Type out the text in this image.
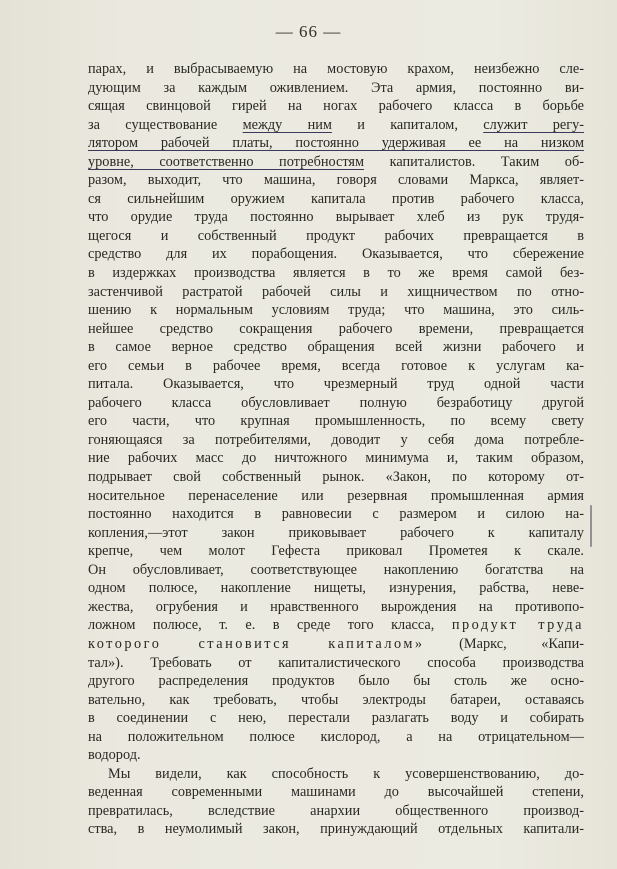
— 66 —
парах, и выбрасываемую на мостовую крахом, неизбежно сле-
дующим за каждым оживлением. Эта армия, постоянно ви-
сящая свинцовой гирей на ногах рабочего класса в борьбе
за существование между ним и капиталом, служит регу-
лятором рабочей платы, постоянно удерживая ее на низком
уровне, соответственно потребностям капиталистов. Таким об-
разом, выходит, что машина, говоря словами Маркса, являет-
ся сильнейшим оружием капитала против рабочего класса,
что орудие труда постоянно вырывает хлеб из рук трудя-
щегося и собственный продукт рабочих превращается в
средство для их порабощения. Оказывается, что сбережение
в издержках производства является в то же время самой без-
застенчивой растратой рабочей силы и хищничеством по отно-
шению к нормальным условиям труда; что машина, это силь-
нейшее средство сокращения рабочего времени, превращается
в самое верное средство обращения всей жизни рабочего и
его семьи в рабочее время, всегда готовое к услугам ка-
питала. Оказывается, что чрезмерный труд одной части
рабочего класса обусловливает полную безработицу другой
его части, что крупная промышленность, по всему свету
гоняющаяся за потребителями, доводит у себя дома потребле-
ние рабочих масс до ничтожного минимума и, таким образом,
подрывает свой собственный рынок. «Закон, по которому от-
носительное перенаселение или резервная промышленная армия
постоянно находится в равновесии с размером и силою на-
копления,—этот закон приковывает рабочего к капиталу
крепче, чем молот Гефеста приковал Прометея к скале.
Он обусловливает, соответствующее накоплению богатства на
одном полюсе, накопление нищеты, изнурения, рабства, неве-
жества, огрубения и нравственного вырождения на противопо-
ложном полюсе, т. е. в среде того класса, продукт труда
которого становится капиталом» (Маркс, «Капи-
тал»). Требовать от капиталистического способа производства
другого распределения продуктов было бы столь же осно-
вательно, как требовать, чтобы электроды батареи, оставаясь
в соединении с нею, перестали разлагать воду и собирать
на положительном полюсе кислород, а на отрицательном—
водород.
Мы видели, как способность к усовершенствованию, до-
веденная современными машинами до высочайшей степени,
превратилась, вследствие анархии общественного производ-
ства, в неумолимый закон, принуждающий отдельных капитали-
